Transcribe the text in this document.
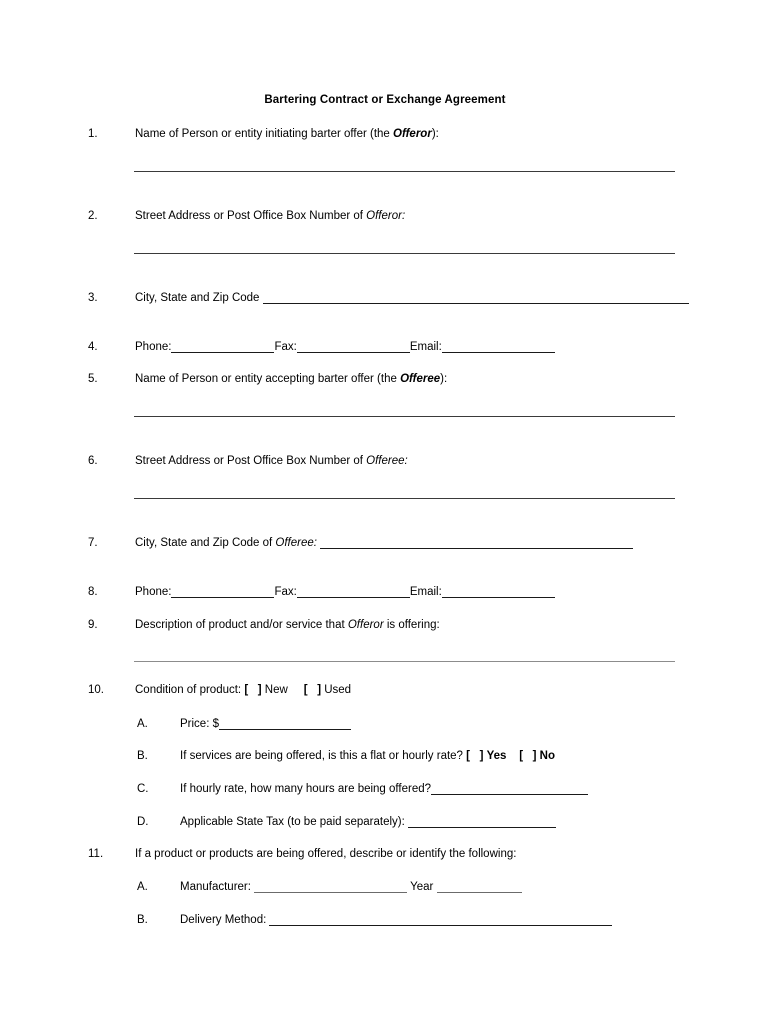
Bartering Contract or Exchange Agreement
1.	Name of Person or entity initiating barter offer (the Offeror):
2.	Street Address or Post Office Box Number of Offeror:
3.	City, State and Zip Code
4.	Phone:	Fax:	Email:
5.	Name of Person or entity accepting barter offer (the Offeree):
6.	Street Address or Post Office Box Number of Offeree:
7.	City, State and Zip Code of Offeree:
8.	Phone:	Fax:	Email:
9.	Description of product and/or service that Offeror is offering:
10.	Condition of product: [   ] New [   ] Used
A.	Price: $
B.	If services are being offered, is this a flat or hourly rate? [   ] Yes [   ] No
C.	If hourly rate, how many hours are being offered?
D.	Applicable State Tax (to be paid separately):
11.	If a product or products are being offered, describe or identify the following:
A.	Manufacturer:	Year
B.	Delivery Method:
